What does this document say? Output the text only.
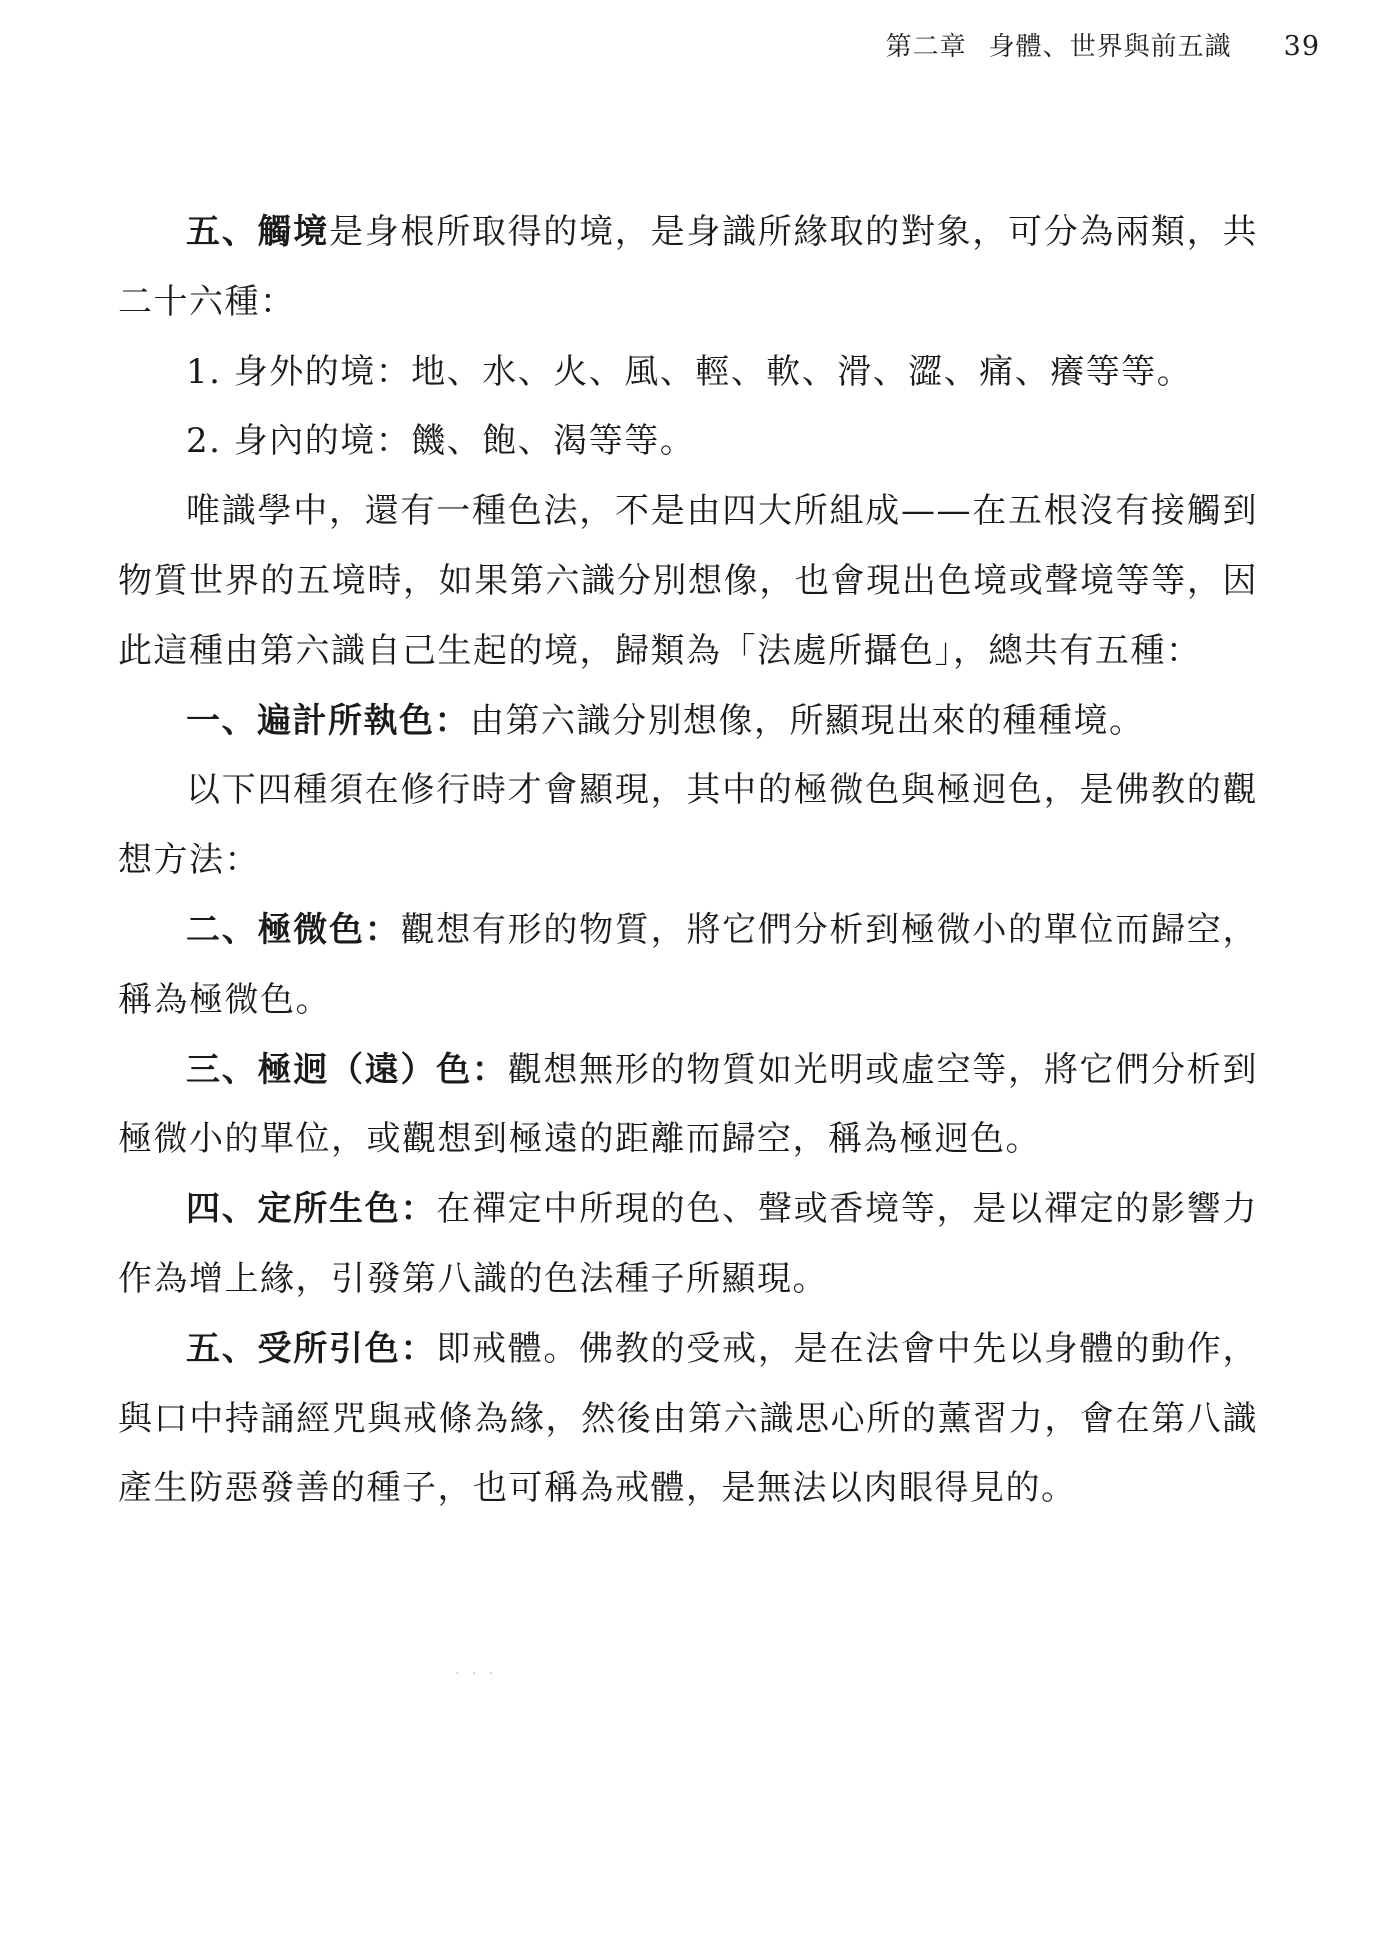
第二章 身體、世界與前五識 39

五、觸境是身根所取得的境，是身識所緣取的對象，可分為兩類，共二十六種：

1. 身外的境：地、水、火、風、輕、軟、滑、澀、痛、癢等等。

2. 身內的境：饑、飽、渴等等。

唯識學中，還有一種色法，不是由四大所組成——在五根沒有接觸到物質世界的五境時，如果第六識分別想像，也會現出色境或聲境等等，因此這種由第六識自己生起的境，歸類為「法處所攝色」，總共有五種：

一、遍計所執色：由第六識分別想像，所顯現出來的種種境。

以下四種須在修行時才會顯現，其中的極微色與極迥色，是佛教的觀想方法：

二、極微色：觀想有形的物質，將它們分析到極微小的單位而歸空，稱為極微色。

三、極迥（遠）色：觀想無形的物質如光明或虛空等，將它們分析到極微小的單位，或觀想到極遠的距離而歸空，稱為極迥色。

四、定所生色：在禪定中所現的色、聲或香境等，是以禪定的影響力作為增上緣，引發第八識的色法種子所顯現。

五、受所引色：即戒體。佛教的受戒，是在法會中先以身體的動作，與口中持誦經咒與戒條為緣，然後由第六識思心所的薰習力，會在第八識產生防惡發善的種子，也可稱為戒體，是無法以肉眼得見的。

· · ·
